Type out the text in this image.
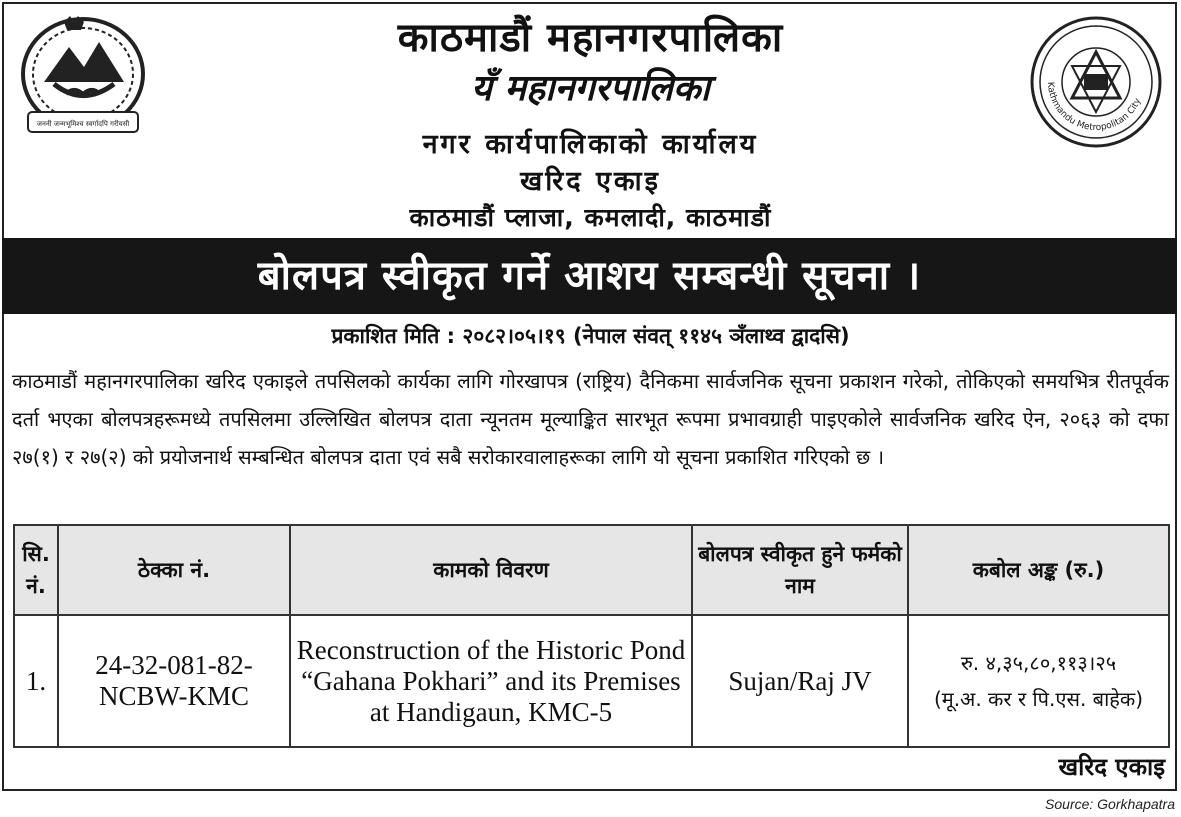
जननी जन्मभूमिश्च स्वर्गादपि गरीयसी
Kathmandu Metropolitan City
काठमाडौं महानगरपालिका
यँ महानगरपालिका
नगर कार्यपालिकाको कार्यालय
खरिद एकाइ
काठमाडौं प्लाजा, कमलादी, काठमाडौं
बोलपत्र स्वीकृत गर्ने आशय सम्बन्धी सूचना ।
प्रकाशित मिति : २०८२।०५।१९ (नेपाल संवत् ११४५ ञँलाथ्व द्वादसि)
काठमाडौं महानगरपालिका खरिद एकाइले तपसिलको कार्यका लागि गोरखापत्र (राष्ट्रिय) दैनिकमा सार्वजनिक सूचना प्रकाशन गरेको, तोकिएको समयभित्र रीतपूर्वक दर्ता भएका बोलपत्रहरूमध्ये तपसिलमा उल्लिखित बोलपत्र दाता न्यूनतम मूल्याङ्कित सारभूत रूपमा प्रभावग्राही पाइएकोले सार्वजनिक खरिद ऐन, २०६३ को दफा २७(१) र २७(२) को प्रयोजनार्थ सम्बन्धित बोलपत्र दाता एवं सबै सरोकारवालाहरूका लागि यो सूचना प्रकाशित गरिएको छ ।
सि. नं.	ठेक्का नं.	कामको विवरण	बोलपत्र स्वीकृत हुने फर्मको नाम	कबोल अङ्क (रु.)
1.	24-32-081-82-NCBW-KMC	Reconstruction of the Historic Pond “Gahana Pokhari” and its Premises at Handigaun, KMC-5	Sujan/Raj JV	रु. ४,३५,८०,११३।२५
(मू.अ. कर र पि.एस. बाहेक)
खरिद एकाइ
Source: Gorkhapatra
